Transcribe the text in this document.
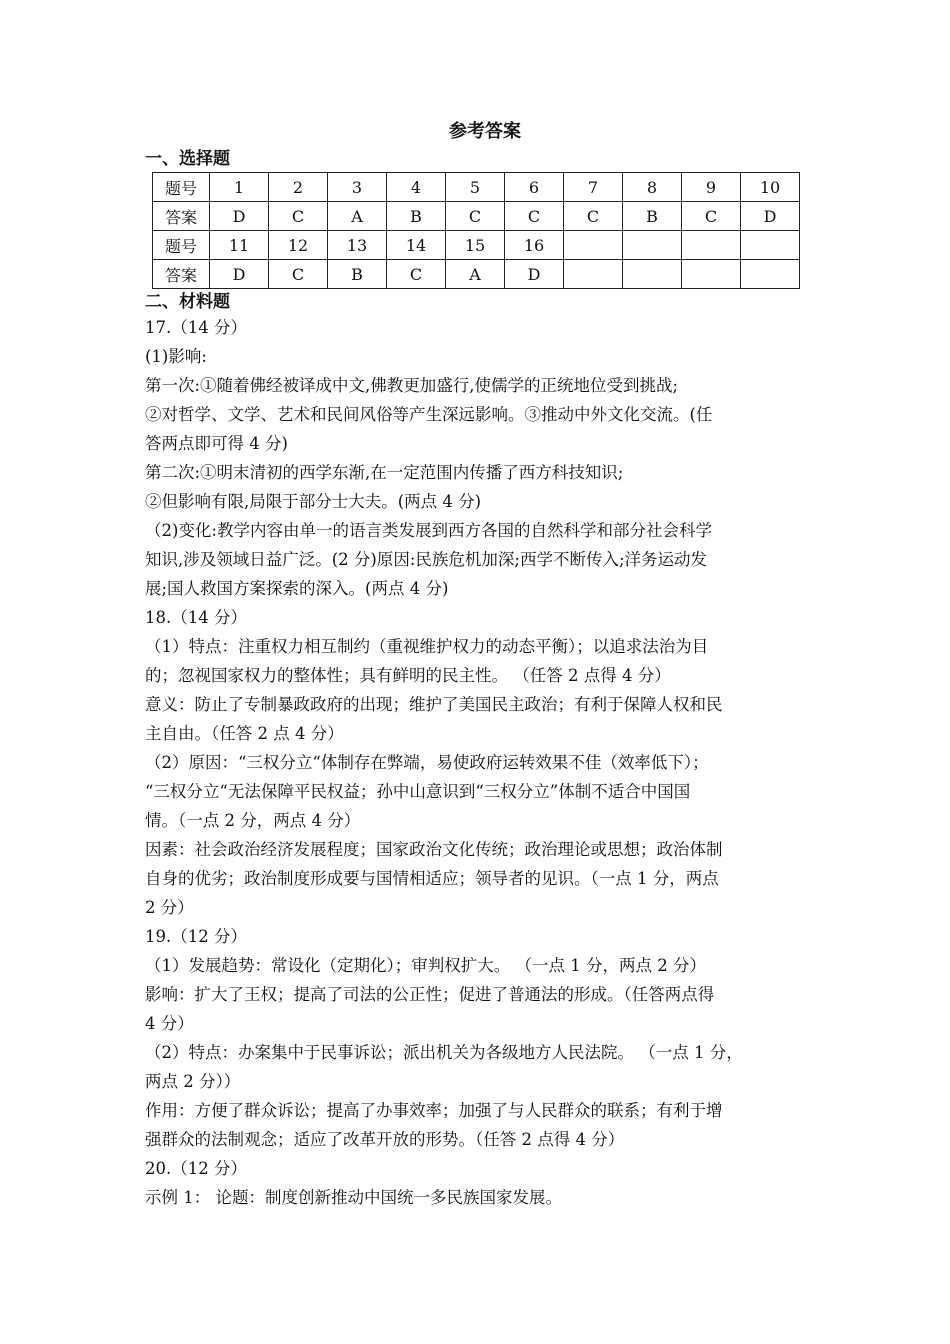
参考答案
一、选择题
题号	1	2	3	4	5	6	7	8	9	10
答案	D	C	A	B	C	C	C	B	C	D
题号	11	12	13	14	15	16				
答案	D	C	B	C	A	D				
二、材料题
17.（14 分）
(1)影响:
第一次:①随着佛经被译成中文,佛教更加盛行,使儒学的正统地位受到挑战;
②对哲学、文学、艺术和民间风俗等产生深远影响。③推动中外文化交流。(任
答两点即可得 4 分)
第二次:①明末清初的西学东渐,在一定范围内传播了西方科技知识;
②但影响有限,局限于部分士大夫。(两点 4 分)
（2)变化:教学内容由单一的语言类发展到西方各国的自然科学和部分社会科学
知识,涉及领域日益广泛。(2 分)原因:民族危机加深;西学不断传入;洋务运动发
展;国人救国方案探索的深入。(两点 4 分)
18.（14 分）
（1）特点：注重权力相互制约（重视维护权力的动态平衡）；以追求法治为目
的；忽视国家权力的整体性；具有鲜明的民主性。 （任答 2 点得 4 分）
意义：防止了专制暴政政府的出现；维护了美国民主政治；有利于保障人权和民
主自由。（任答 2 点 4 分）
（2）原因：“三权分立“体制存在弊端，易使政府运转效果不佳（效率低下）；
“三权分立“无法保障平民权益；孙中山意识到“三权分立”体制不适合中国国
情。（一点 2 分，两点 4 分）
因素：社会政治经济发展程度；国家政治文化传统；政治理论或思想；政治体制
自身的优劣；政治制度形成要与国情相适应；领导者的见识。（一点 1 分，两点
2 分）
19.（12 分）
（1）发展趋势：常设化（定期化）；审判权扩大。 （一点 1 分，两点 2 分）
影响：扩大了王权；提高了司法的公正性；促进了普通法的形成。（任答两点得
4 分）
（2）特点：办案集中于民事诉讼；派出机关为各级地方人民法院。 （一点 1 分，
两点 2 分））
作用：方便了群众诉讼；提高了办事效率；加强了与人民群众的联系；有利于增
强群众的法制观念；适应了改革开放的形势。（任答 2 点得 4 分）
20.（12 分）
示例 1： 论题：制度创新推动中国统一多民族国家发展。
